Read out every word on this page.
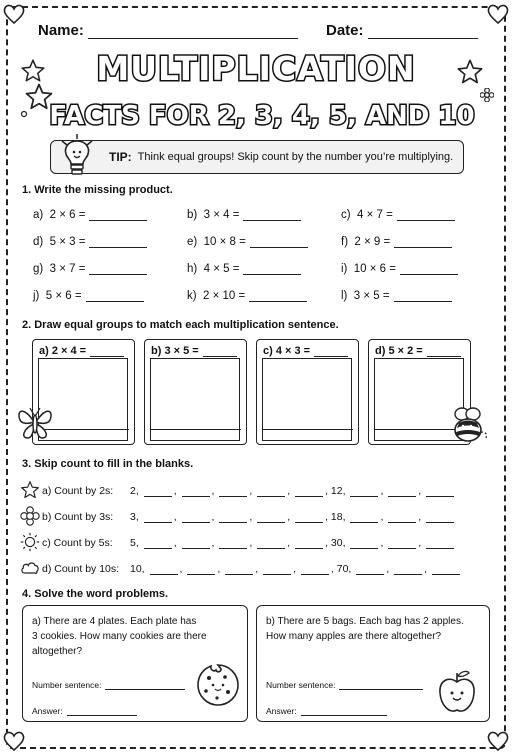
Name:	Date:
MULTIPLICATION
FACTS FOR 2, 3, 4, 5, AND 10
TIP: Think equal groups! Skip count by the number you’re multiplying.
1. Write the missing product.
a) 2 × 6 =	b) 3 × 4 =	c) 4 × 7 =
d) 5 × 3 =	e) 10 × 8 =	f) 2 × 9 =
g) 3 × 7 =	h) 4 × 5 =	i) 10 × 6 =
j) 5 × 6 =	k) 2 × 10 =	l) 3 × 5 =
2. Draw equal groups to match each multiplication sentence.
a) 2 × 4 =	b) 3 × 5 =	c) 4 × 3 =	d) 5 × 2 =
3. Skip count to fill in the blanks.
a) Count by 2s: 2,	,	,	,	,	, 12,	,	,
b) Count by 3s: 3,	,	,	,	,	, 18,	,	,
c) Count by 5s: 5,	,	,	,	,	, 30,	,	,
d) Count by 10s: 10,	,	,	,	,	, 70,	,	,
4. Solve the word problems.
a) There are 4 plates. Each plate has
3 cookies. How many cookies are there
altogether?
Number sentence:
Answer:
b) There are 5 bags. Each bag has 2 apples.
How many apples are there altogether?
Number sentence:
Answer:
